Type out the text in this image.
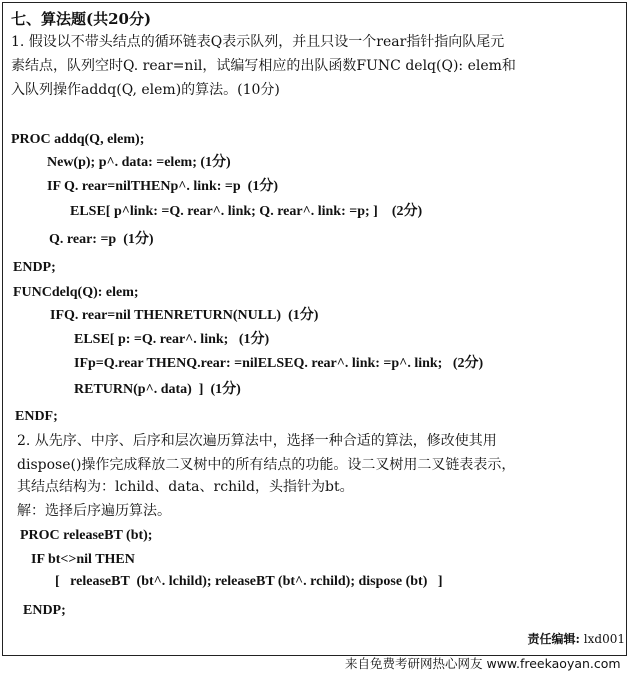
七、算法题(共20分)
1. 假设以不带头结点的循环链表Q表示队列，并且只设一个rear指针指向队尾元
素结点，队列空时Q. rear=nil，试编写相应的出队函数FUNC delq(Q): elem和
入队列操作addq(Q, elem)的算法。(10分)
PROC addq(Q, elem);
New(p); p^. data: =elem; (1分)
IF Q. rear=nilTHENp^. link: =p  (1分)
ELSE[ p^link: =Q. rear^. link; Q. rear^. link: =p; ]    (2分)
Q. rear: =p  (1分)
ENDP;
FUNCdelq(Q): elem;
IFQ. rear=nil THENRETURN(NULL)  (1分)
ELSE[ p: =Q. rear^. link;   (1分)
IFp=Q.rear THENQ.rear: =nilELSEQ. rear^. link: =p^. link;   (2分)
RETURN(p^. data)  ]  (1分)
ENDF;
2. 从先序、中序、后序和层次遍历算法中，选择一种合适的算法，修改使其用
dispose()操作完成释放二叉树中的所有结点的功能。设二叉树用二叉链表表示，
其结点结构为：lchild、data、rchild，头指针为bt。
解：选择后序遍历算法。
PROC releaseBT (bt);
IF bt<>nil THEN
[   releaseBT  (bt^. lchild); releaseBT (bt^. rchild); dispose (bt)   ]
ENDP;
责任编辑: lxd001
来自免费考研网热心网友 www.freekaoyan.com
